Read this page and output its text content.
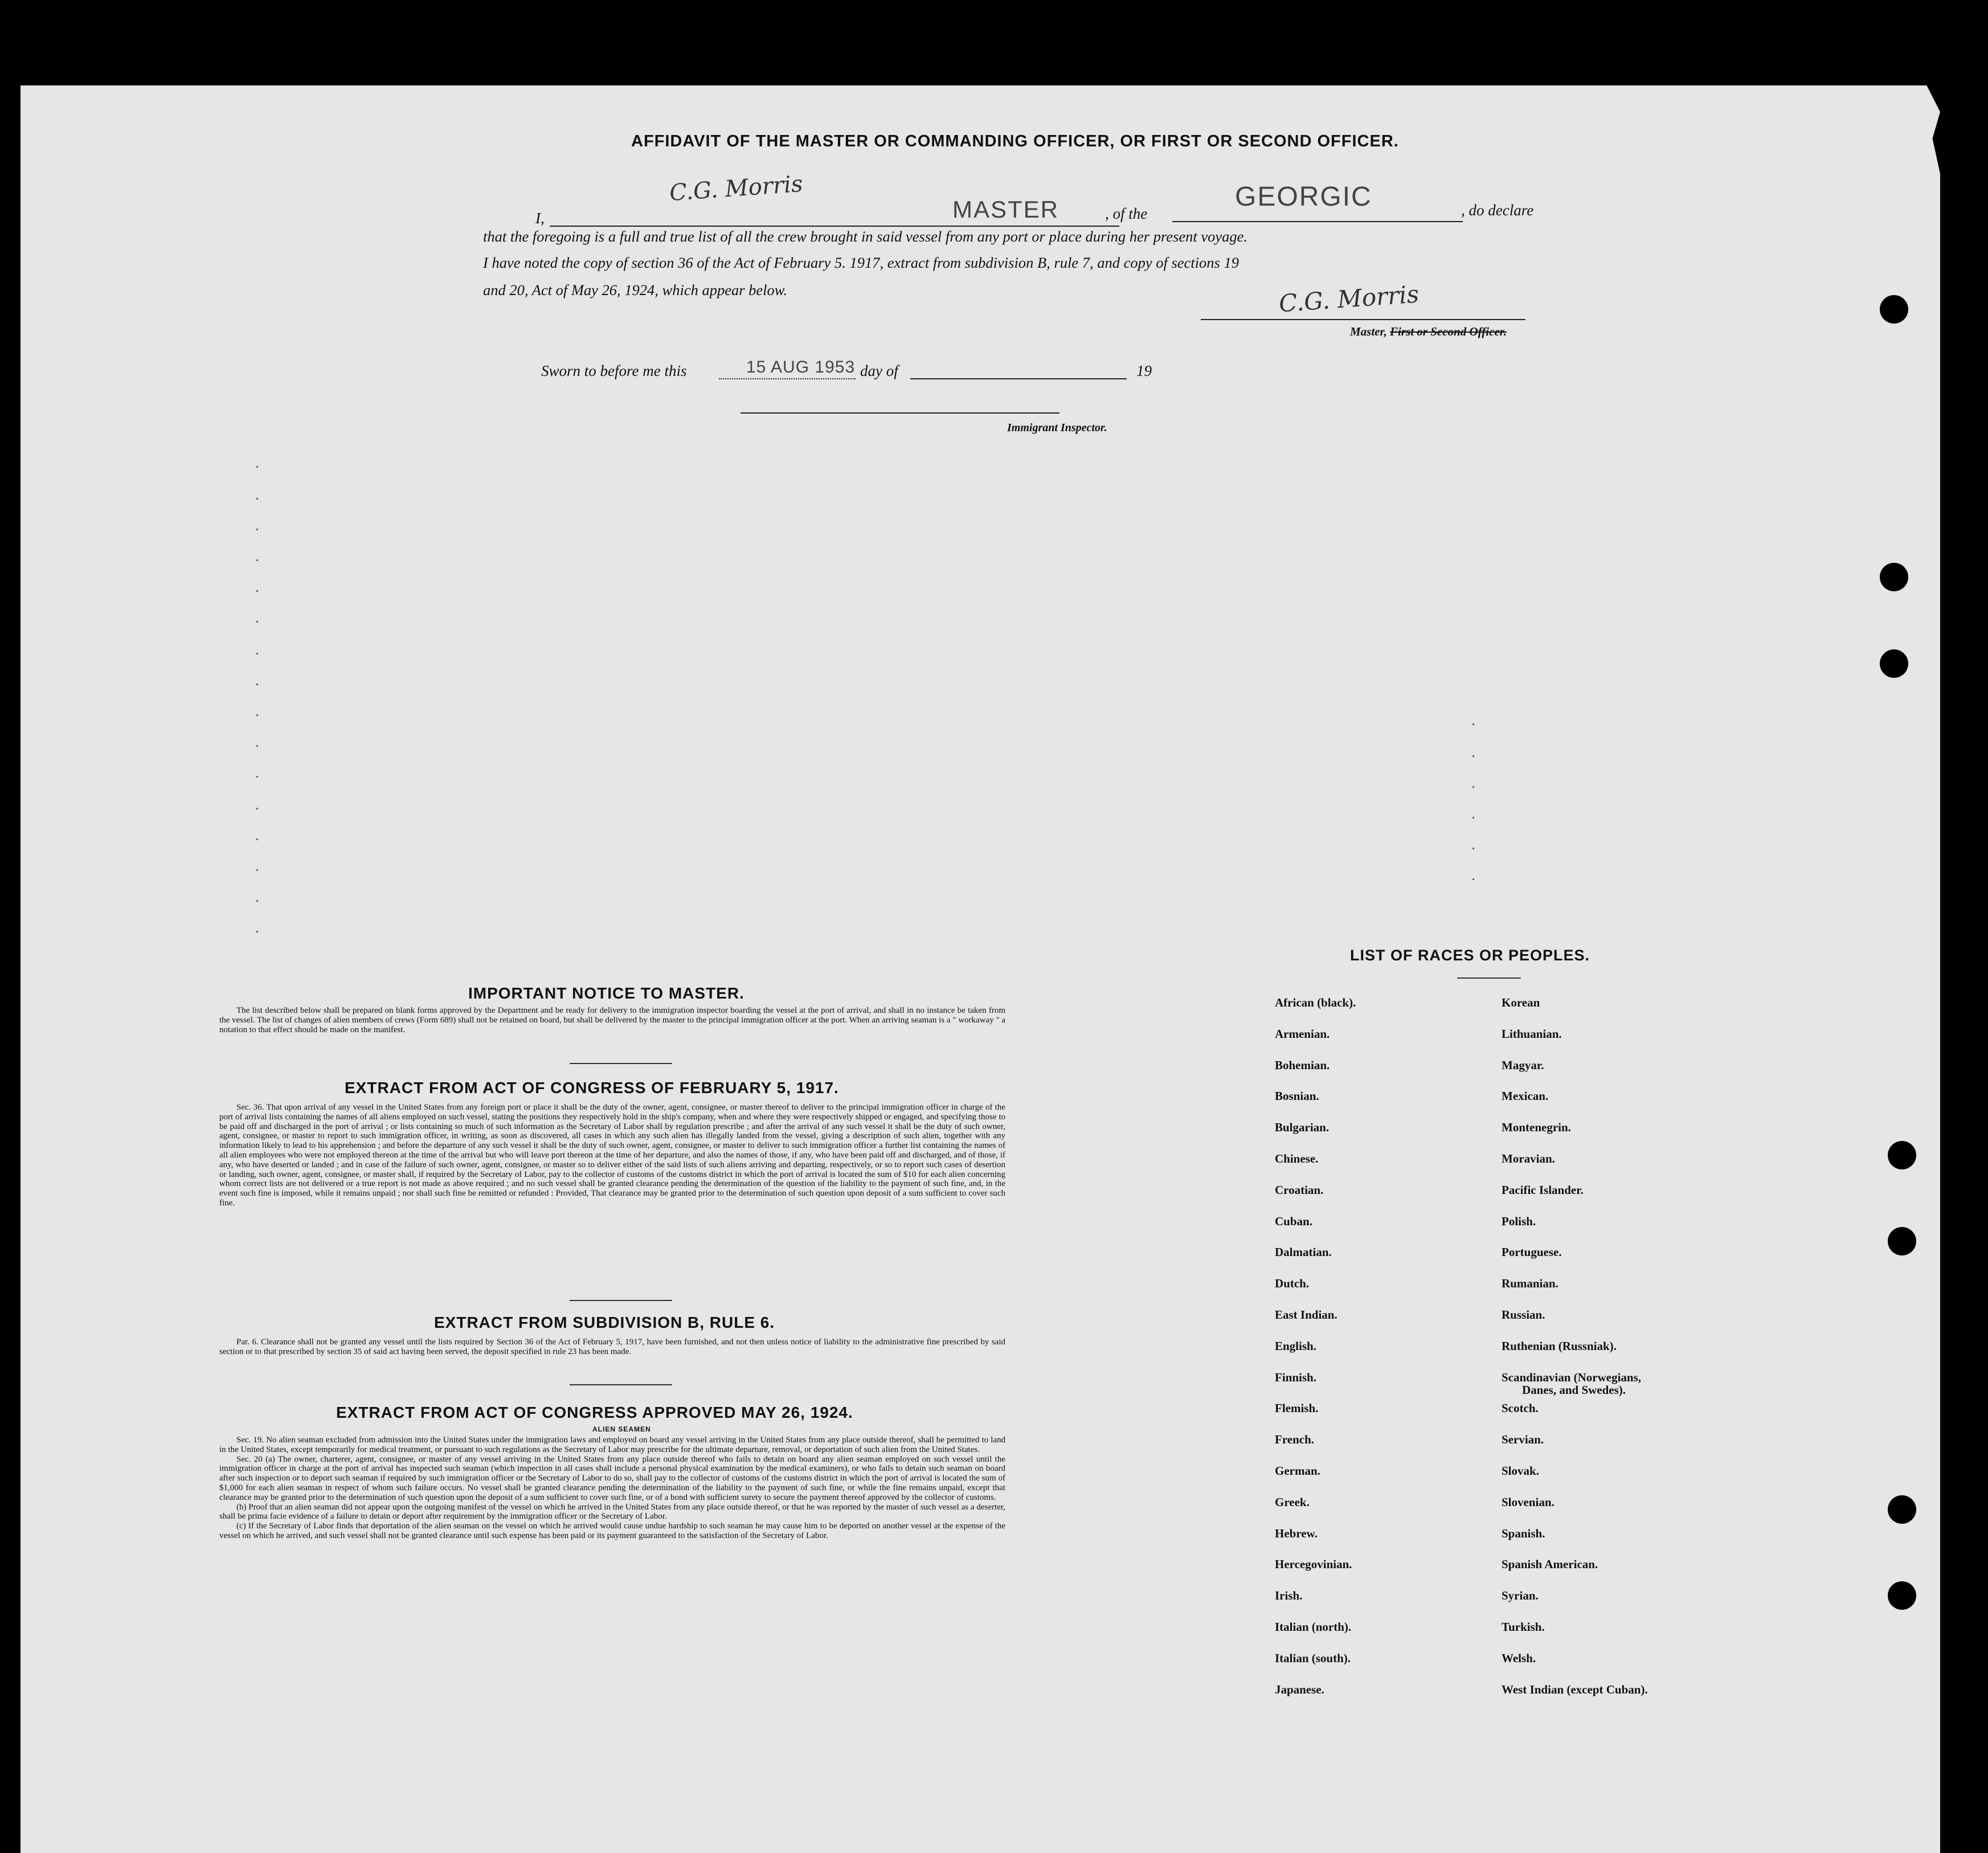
AFFIDAVIT OF THE MASTER OR COMMANDING OFFICER, OR FIRST OR SECOND OFFICER.
I,
C.G. Morris
MASTER	, of the
GEORGIC	, do declare
that the foregoing is a full and true list of all the crew brought in said vessel from any port or place during her present voyage.
I have noted the copy of section 36 of the Act of February 5. 1917, extract from subdivision B, rule 7, and copy of sections 19
and 20, Act of May 26, 1924, which appear below.	C.G. Morris
Master, First or Second Officer.
Sworn to before me this	15 AUG 1953 day of	19
Immigrant Inspector.
IMPORTANT NOTICE TO MASTER.

The list described below shall be prepared on blank forms approved by the Department and be ready for delivery to the immigration inspector boarding the vessel at the port of arrival, and shall in no instance be taken from the vessel. The list of changes of alien members of crews (Form 689) shall not be retained on board, but shall be delivered by the master to the principal immigration officer at the port. When an arriving seaman is a " workaway " a notation to that effect should be made on the manifest.

EXTRACT FROM ACT OF CONGRESS OF FEBRUARY 5, 1917.

Sec. 36. That upon arrival of any vessel in the United States from any foreign port or place it shall be the duty of the owner, agent, consignee, or master thereof to deliver to the principal immigration officer in charge of the port of arrival lists containing the names of all aliens employed on such vessel, stating the positions they respectively hold in the ship's company, when and where they were respectively shipped or engaged, and specifying those to be paid off and discharged in the port of arrival ; or lists containing so much of such information as the Secretary of Labor shall by regulation prescribe ; and after the arrival of any such vessel it shall be the duty of such owner, agent, consignee, or master to report to such immigration officer, in writing, as soon as discovered, all cases in which any such alien has illegally landed from the vessel, giving a description of such alien, together with any information likely to lead to his apprehension ; and before the departure of any such vessel it shall be the duty of such owner, agent, consignee, or master to deliver to such immigration officer a further list containing the names of all alien employees who were not employed thereon at the time of the arrival but who will leave port thereon at the time of her departure, and also the names of those, if any, who have been paid off and discharged, and of those, if any, who have deserted or landed ; and in case of the failure of such owner, agent, consignee, or master so to deliver either of the said lists of such aliens arriving and departing, respectively, or so to report such cases of desertion or landing, such owner, agent, consignee, or master shall, if required by the Secretary of Labor, pay to the collector of customs of the customs district in which the port of arrival is located the sum of $10 for each alien concerning whom correct lists are not delivered or a true report is not made as above required ; and no such vessel shall be granted clearance pending the determination of the question of the liability to the payment of such fine, and, in the event such fine is imposed, while it remains unpaid ; nor shall such fine be remitted or refunded : Provided, That clearance may be granted prior to the determination of such question upon deposit of a sum sufficient to cover such fine.

EXTRACT FROM SUBDIVISION B, RULE 6.

Par. 6. Clearance shall not be granted any vessel until the lists required by Section 36 of the Act of February 5, 1917, have been furnished, and not then unless notice of liability to the administrative fine prescribed by said section or to that prescribed by section 35 of said act having been served, the deposit specified in rule 23 has been made.

EXTRACT FROM ACT OF CONGRESS APPROVED MAY 26, 1924.
ALIEN SEAMEN

Sec. 19. No alien seaman excluded from admission into the United States under the immigration laws and employed on board any vessel arriving in the United States from any place outside thereof, shall be permitted to land in the United States, except temporarily for medical treatment, or pursuant to such regulations as the Secretary of Labor may prescribe for the ultimate departure, removal, or deportation of such alien from the United States.

Sec. 20 (a) The owner, charterer, agent, consignee, or master of any vessel arriving in the United States from any place outside thereof who fails to detain on board any alien seaman employed on such vessel until the immigration officer in charge at the port of arrival has inspected such seaman (which inspection in all cases shall include a personal physical examination by the medical examiners), or who fails to detain such seaman on board after such inspection or to deport such seaman if required by such immigration officer or the Secretary of Labor to do so, shall pay to the collector of customs of the customs district in which the port of arrival is located the sum of $1,000 for each alien seaman in respect of whom such failure occurs. No vessel shall be granted clearance pending the determination of the liability to the payment of such fine, or while the fine remains unpaid, except that clearance may be granted prior to the determination of such question upon the deposit of a sum sufficient to cover such fine, or of a bond with sufficient surety to secure the payment thereof approved by the collector of customs.

(b) Proof that an alien seaman did not appear upon the outgoing manifest of the vessel on which he arrived in the United States from any place outside thereof, or that he was reported by the master of such vessel as a deserter, shall be prima facie evidence of a failure to detain or deport after requirement by the immigration officer or the Secretary of Labor.

(c) If the Secretary of Labor finds that deportation of the alien seaman on the vessel on which he arrived would cause undue hardship to such seaman he may cause him to be deported on another vessel at the expense of the vessel on which he arrived, and such vessel shall not be granted clearance until such expense has been paid or its payment guaranteed to the satisfaction of the Secretary of Labor.

LIST OF RACES OR PEOPLES.
African (black).
Armenian.
Bohemian.
Bosnian.
Bulgarian.
Chinese.
Croatian.
Cuban.
Dalmatian.
Dutch.
East Indian.
English.
Finnish.
Flemish.
French.
German.
Greek.
Hebrew.
Hercegovinian.
Irish.
Italian (north).
Italian (south).
Japanese.
Korean
Lithuanian.
Magyar.
Mexican.
Montenegrin.
Moravian.
Pacific Islander.
Polish.
Portuguese.
Rumanian.
Russian.
Ruthenian (Russniak).
Scandinavian (Norwegians,
Scotch.
Servian.
Slovak.
Slovenian.
Spanish.
Spanish American.
Syrian.
Turkish.
Welsh.
West Indian (except Cuban).
Danes, and Swedes).
